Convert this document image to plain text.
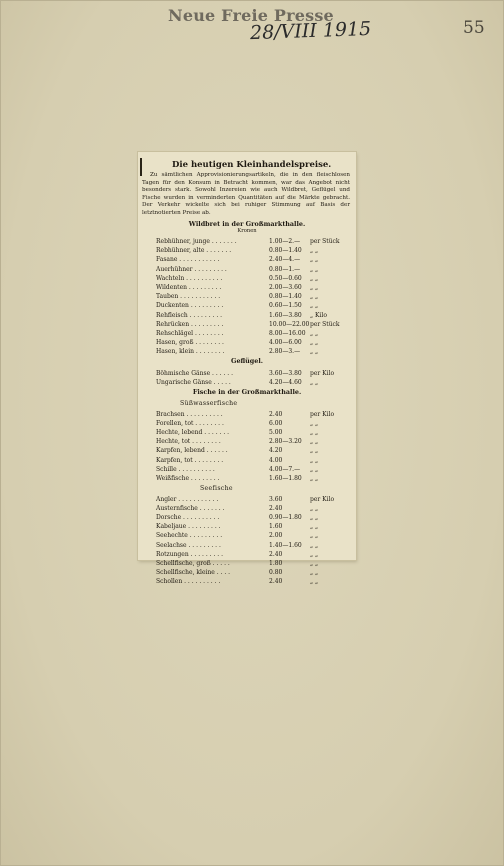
Neue Freie Presse
28/VIII 1915	55
Die heutigen Kleinhandelspreise.
Zu sämtlichen Approvisionierungsartikeln, die in den fleischlosen Tagen für den Konsum in Betracht kommen, war das Angebot nicht besonders stark. Sowohl Inzereien wie auch Wildbret, Geflügel und Fische wurden in verminderten Quantitäten auf die Märkte gebracht. Der Verkehr wickelte sich bei ruhiger Stimmung auf Basis der letztnotierten Preise ab.
Wildbret in der Großmarkthalle.
Kronen
Rebhühner, junge . . . . . . .	1.00—2.— per Stück
Rebhühner, alte . . . . . . .	0.80—1.40 „ „
Fasane . . . . . . . . . . .	2.40—4.— „ „
Auerhühner . . . . . . . . .	0.80—1.— „ „
Wachteln . . . . . . . . . .	0.50—0.60 „ „
Wildenten . . . . . . . . .	2.00—3.60 „ „
Tauben . . . . . . . . . . .	0.80—1.40 „ „
Duckenten . . . . . . . . .	0.60—1.50 „ „
Rehfleisch . . . . . . . . .	1.60—3.80 „ Kilo
Rehrücken . . . . . . . . .	10.00—22.00 per Stück
Rehschlägel . . . . . . . .	8.00—16.00 „ „
Hasen, groß . . . . . . . .	4.00—6.00 „ „
Hasen, klein . . . . . . . .	2.80—3.— „ „
Geflügel.
Böhmische Gänse . . . . . .	3.60—3.80 per Kilo
Ungarische Gänse . . . . .	4.20—4.60 „ „
Fische in der Großmarkthalle.
Süßwasserfische
Brachsen . . . . . . . . . .	2.40	per Kilo
Forellen, tot . . . . . . . .	6.00	„ „
Hechte, lebend . . . . . . .	5.00	„ „
Hechte, tot . . . . . . . .	2.80—3.20 „ „
Karpfen, lebend . . . . . .	4.20	„ „
Karpfen, tot . . . . . . . .	4.00	„ „
Schille . . . . . . . . . .	4.00—7.— „ „
Weißfische . . . . . . . .	1.60—1.80 „ „
Seefische
Angler . . . . . . . . . . .	3.60	per Kilo
Austernfische . . . . . . .	2.40	„ „
Dorsche . . . . . . . . . .	0.90—1.80 „ „
Kabeljaue . . . . . . . . .	1.60	„ „
Seehechte . . . . . . . . .	2.00	„ „
Seelachse . . . . . . . . .	1.40—1.60 „ „
Rotzungen . . . . . . . . .	2.40	„ „
Schellfische, groß . . . . .	1.80	„ „
Schellfische, kleine . . . .	0.80	„ „
Schollen . . . . . . . . . .	2.40	„ „
